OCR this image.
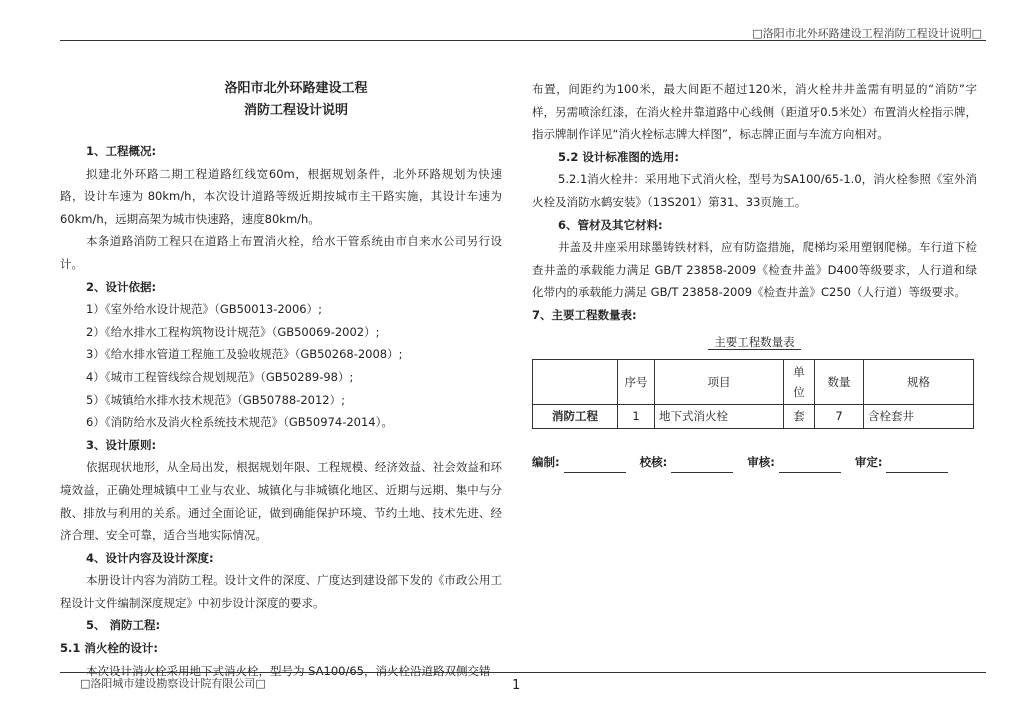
□洛阳市北外环路建设工程消防工程设计说明□
洛阳市北外环路建设工程
消防工程设计说明
1、工程概况:
拟建北外环路二期工程道路红线宽60m，根据规划条件，北外环路规划为快速路，设计车速为 80km/h，本次设计道路等级近期按城市主干路实施，其设计车速为60km/h，远期高架为城市快速路，速度80km/h。
本条道路消防工程只在道路上布置消火栓，给水干管系统由市自来水公司另行设计。
2、设计依据:
1）《室外给水设计规范》（GB50013-2006）;
2）《给水排水工程构筑物设计规范》（GB50069-2002）;
3）《给水排水管道工程施工及验收规范》（GB50268-2008）;
4）《城市工程管线综合规划规范》（GB50289-98）;
5）《城镇给水排水技术规范》（GB50788-2012）;
6）《消防给水及消火栓系统技术规范》（GB50974-2014）。
3、设计原则:
依据现状地形，从全局出发，根据规划年限、工程规模、经济效益、社会效益和环境效益，正确处理城镇中工业与农业、城镇化与非城镇化地区、近期与远期、集中与分散、排放与利用的关系。通过全面论证，做到确能保护环境、节约土地、技术先进、经济合理、安全可靠，适合当地实际情况。
4、设计内容及设计深度:
本册设计内容为消防工程。设计文件的深度、广度达到建设部下发的《市政公用工程设计文件编制深度规定》中初步设计深度的要求。
5、 消防工程:
5.1 消火栓的设计:
本次设计消火栓采用地下式消火栓，型号为 SA100/65，消火栓沿道路双侧交错
布置，间距约为100米，最大间距不超过120米，消火栓井井盖需有明显的“消防”字样，另需喷涂红漆，在消火栓井靠道路中心线侧（距道牙0.5米处）布置消火栓指示牌，指示牌制作详见“消火栓标志牌大样图”，标志牌正面与车流方向相对。
5.2 设计标准图的选用:
5.2.1消火栓井：采用地下式消火栓，型号为SA100/65-1.0，消火栓参照《室外消火栓及消防水鹤安装》（13S201）第31、33页施工。
6、管材及其它材料:
井盖及井座采用球墨铸铁材料，应有防盗措施，爬梯均采用塑钢爬梯。车行道下检查井盖的承载能力满足 GB/T 23858-2009《检查井盖》D400等级要求，人行道和绿化带内的承载能力满足 GB/T 23858-2009《检查井盖》C250（人行道）等级要求。
7、主要工程数量表:
主要工程数量表
	序号	项目	单位	数量	规格
消防工程	1	地下式消火栓	套	7	含栓套井
编制:	校核:	审核:	审定:
□洛阳城市建设勘察设计院有限公司□	1
